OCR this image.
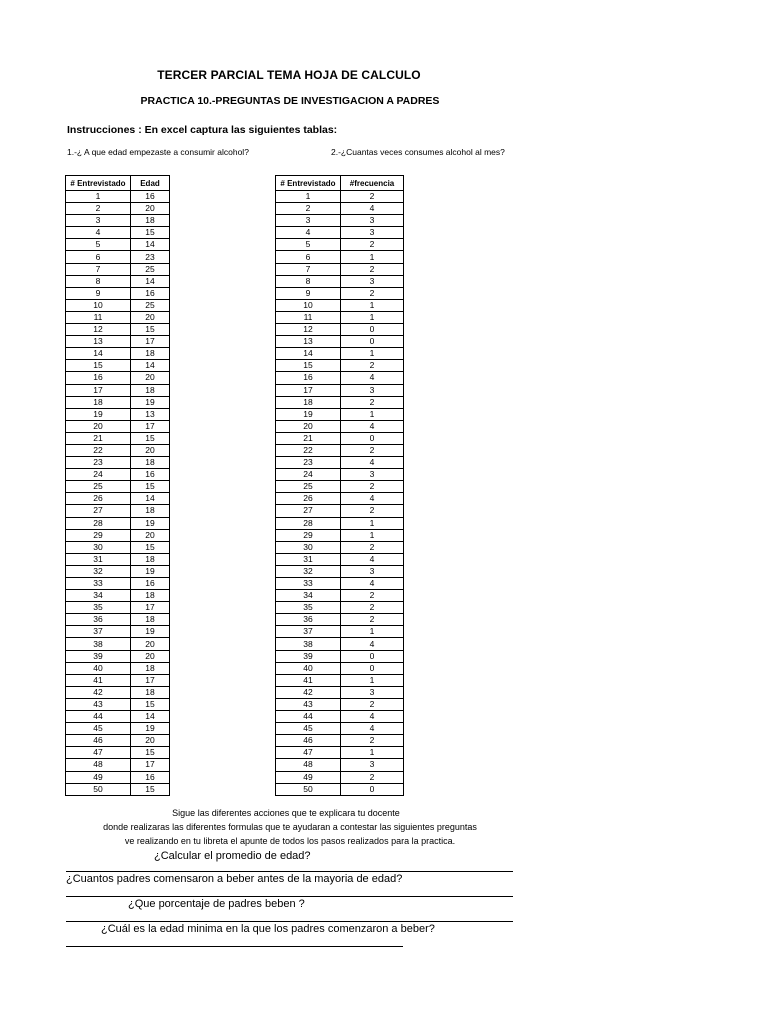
TERCER PARCIAL TEMA HOJA DE CALCULO
PRACTICA 10.-PREGUNTAS DE INVESTIGACION A PADRES
Instrucciones : En excel captura las siguientes tablas:
1.-¿ A que edad empezaste a consumir alcohol?	2.-¿Cuantas veces consumes alcohol al mes?
# Entrevistado	Edad
1	16
2	20
3	18
4	15
5	14
6	23
7	25
8	14
9	16
10	25
11	20
12	15
13	17
14	18
15	14
16	20
17	18
18	19
19	13
20	17
21	15
22	20
23	18
24	16
25	15
26	14
27	18
28	19
29	20
30	15
31	18
32	19
33	16
34	18
35	17
36	18
37	19
38	20
39	20
40	18
41	17
42	18
43	15
44	14
45	19
46	20
47	15
48	17
49	16
50	15
# Entrevistado	#frecuencia
1	2
2	4
3	3
4	3
5	2
6	1
7	2
8	3
9	2
10	1
11	1
12	0
13	0
14	1
15	2
16	4
17	3
18	2
19	1
20	4
21	0
22	2
23	4
24	3
25	2
26	4
27	2
28	1
29	1
30	2
31	4
32	3
33	4
34	2
35	2
36	2
37	1
38	4
39	0
40	0
41	1
42	3
43	2
44	4
45	4
46	2
47	1
48	3
49	2
50	0
Sigue las diferentes acciones que te explicara tu docente
donde realizaras las diferentes formulas que te ayudaran a contestar las siguientes preguntas
ve realizando en tu libreta el apunte de todos los pasos realizados para la practica.
¿Calcular el promedio de edad?
¿Cuantos padres comensaron a beber antes de la mayoria de edad?
¿Que porcentaje de padres beben ?
¿Cuál es la edad minima en la que los padres comenzaron a beber?
